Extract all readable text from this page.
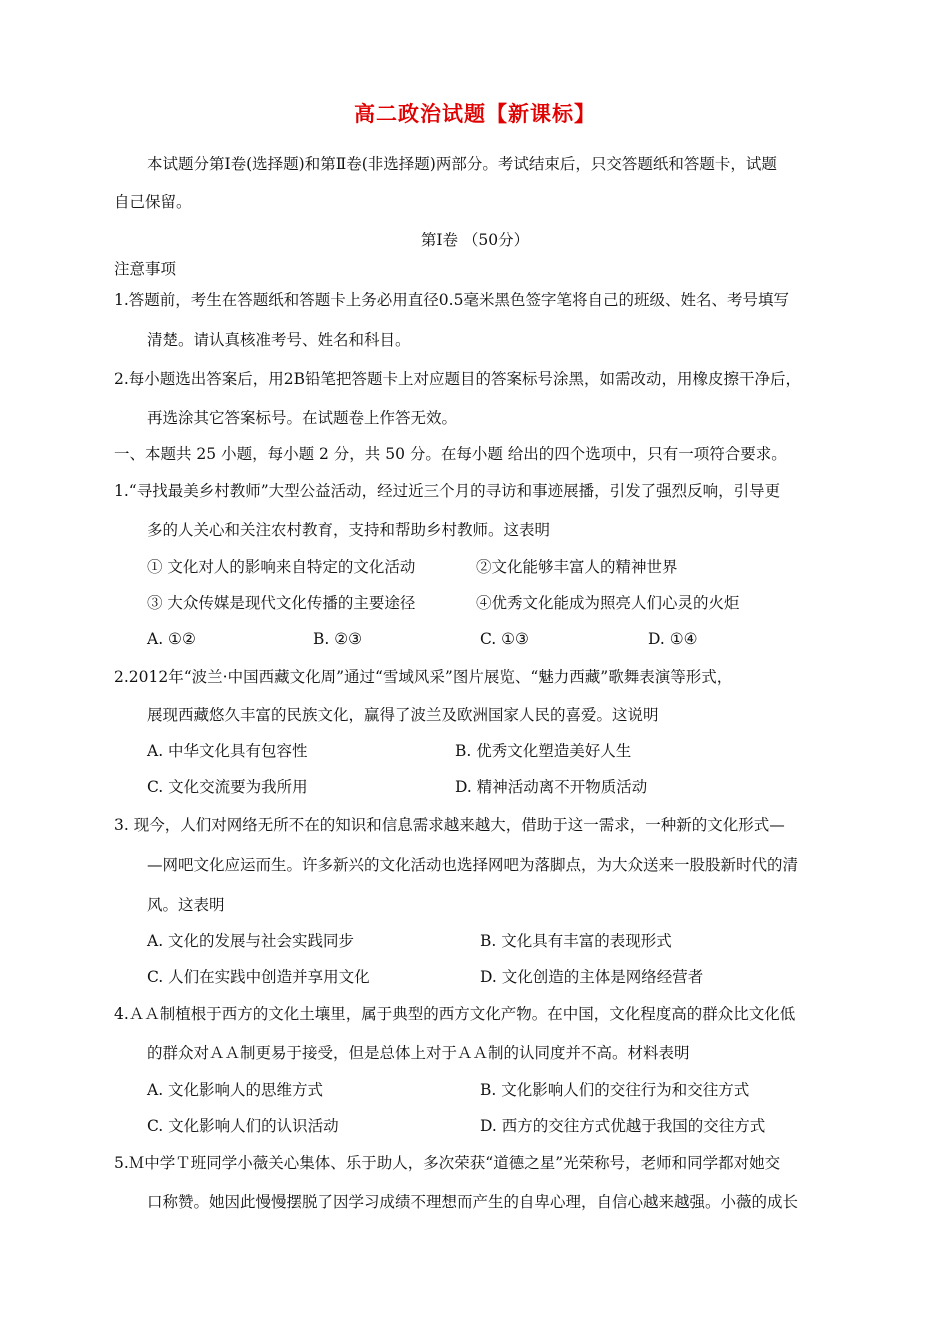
高二政治试题【新课标】
本试题分第Ⅰ卷(选择题)和第Ⅱ卷(非选择题)两部分。考试结束后，只交答题纸和答题卡，试题
自己保留。
第Ⅰ卷 （50分）
注意事项
1.答题前，考生在答题纸和答题卡上务必用直径0.5毫米黑色签字笔将自己的班级、姓名、考号填写
清楚。请认真核准考号、姓名和科目。
2.每小题选出答案后，用2B铅笔把答题卡上对应题目的答案标号涂黑，如需改动，用橡皮擦干净后，
再选涂其它答案标号。在试题卷上作答无效。
一、本题共 25 小题，每小题 2 分，共 50 分。在每小题 给出的四个选项中，只有一项符合要求。
1.“寻找最美乡村教师”大型公益活动，经过近三个月的寻访和事迹展播，引发了强烈反响，引导更
多的人关心和关注农村教育，支持和帮助乡村教师。这表明
① 文化对人的影响来自特定的文化活动	②文化能够丰富人的精神世界
③ 大众传媒是现代文化传播的主要途径	④优秀文化能成为照亮人们心灵的火炬
A. ①②	B. ②③	C. ①③	D. ①④
2.2012年“波兰·中国西藏文化周”通过“雪域风采”图片展览、“魅力西藏”歌舞表演等形式，
展现西藏悠久丰富的民族文化，赢得了波兰及欧洲国家人民的喜爱。这说明
A. 中华文化具有包容性	B. 优秀文化塑造美好人生
C. 文化交流要为我所用	D. 精神活动离不开物质活动
3. 现今，人们对网络无所不在的知识和信息需求越来越大，借助于这一需求，一种新的文化形式—
—网吧文化应运而生。许多新兴的文化活动也选择网吧为落脚点，为大众送来一股股新时代的清
风。这表明
A. 文化的发展与社会实践同步	B. 文化具有丰富的表现形式
C. 人们在实践中创造并享用文化	D. 文化创造的主体是网络经营者
4.ＡＡ制植根于西方的文化土壤里，属于典型的西方文化产物。在中国，文化程度高的群众比文化低
的群众对ＡＡ制更易于接受，但是总体上对于ＡＡ制的认同度并不高。材料表明
A. 文化影响人的思维方式	B. 文化影响人们的交往行为和交往方式
C. 文化影响人们的认识活动	D. 西方的交往方式优越于我国的交往方式
5.Ｍ中学Ｔ班同学小薇关心集体、乐于助人，多次荣获“道德之星”光荣称号，老师和同学都对她交
口称赞。她因此慢慢摆脱了因学习成绩不理想而产生的自卑心理，自信心越来越强。小薇的成长
